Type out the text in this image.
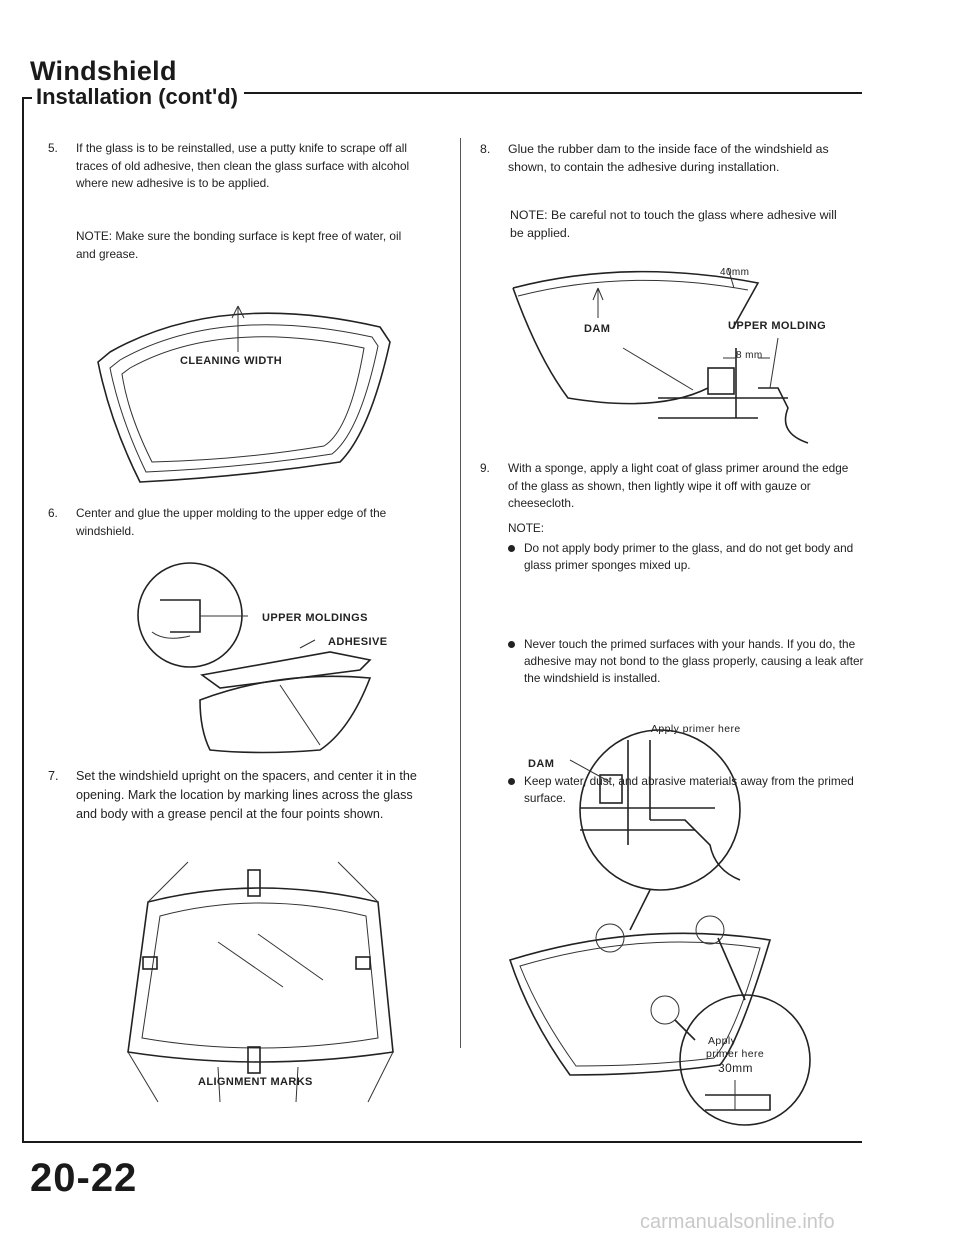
Windshield
Installation (cont'd)
5. If the glass is to be reinstalled, use a putty knife to scrape off all traces of old adhesive, then clean the glass surface with alcohol where new adhesive is to be applied.
NOTE: Make sure the bonding surface is kept free of water, oil and grease.
CLEANING WIDTH
6. Center and glue the upper molding to the upper edge of the windshield.
UPPER MOLDINGS
ADHESIVE
7. Set the windshield upright on the spacers, and center it in the opening. Mark the location by marking lines across the glass and body with a grease pencil at the four points shown.
ALIGNMENT MARKS
8. Glue the rubber dam to the inside face of the windshield as shown, to contain the adhesive during installation.
NOTE: Be careful not to touch the glass where adhesive will be applied.
40mm
DAM	UPPER MOLDING
8 mm
9. With a sponge, apply a light coat of glass primer around the edge of the glass as shown, then lightly wipe it off with gauze or cheesecloth.
NOTE:
Do not apply body primer to the glass, and do not get body and glass primer sponges mixed up.
Never touch the primed surfaces with your hands. If you do, the adhesive may not bond to the glass properly, causing a leak after the windshield is installed.
Keep water, dust, and abrasive materials away from the primed surface.
Apply primer here
DAM
Apply
primer here
30mm
20-22
carmanualsonline.info
